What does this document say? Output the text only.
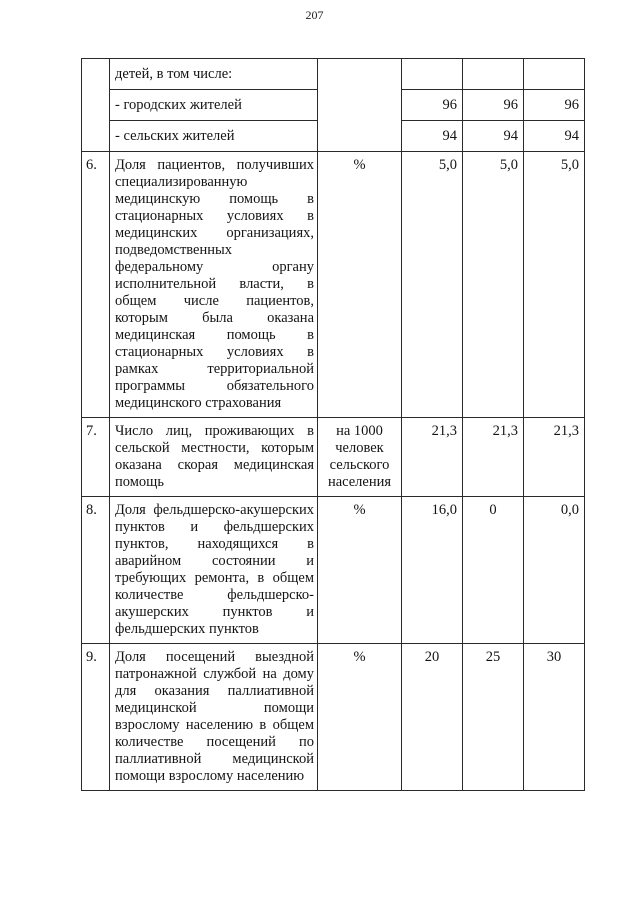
207
	детей, в том числе:				
	- городских жителей		96	96	96
	- сельских жителей		94	94	94
6.	Доля пациентов, получивших специализированную медицинскую помощь в стационарных условиях в медицинских организациях, подведомственных федеральному органу исполнительной власти, в общем числе пациентов, которым была оказана медицинская помощь в стационарных условиях в рамках территориальной программы обязательного медицинского страхования	%	5,0	5,0	5,0
7.	Число лиц, проживающих в сельской местности, которым оказана скорая медицинская помощь	на 1000 человек сельского населения	21,3	21,3	21,3
8.	Доля фельдшерско-акушерских пунктов и фельдшерских пунктов, находящихся в аварийном состоянии и требующих ремонта, в общем количестве фельдшерско-акушерских пунктов и фельдшерских пунктов	%	16,0	0	0,0
9.	Доля посещений выездной патронажной службой на дому для оказания паллиативной медицинской помощи взрослому населению в общем количестве посещений по паллиативной медицинской помощи взрослому населению	%	20	25	30
